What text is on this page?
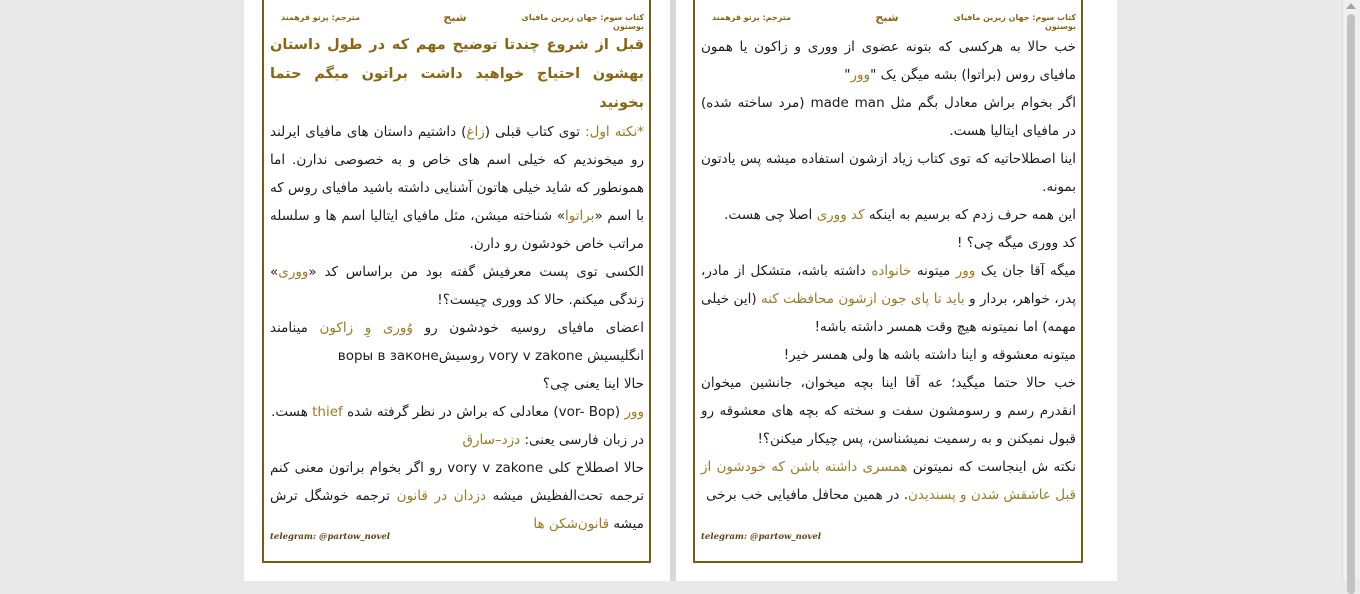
کتاب سوم: جهان زیرین مافیای بوستون
شبح
مترجم: پرتو فرهمند

قبل از شروع چندتا توضیح مهم که در طول داستان بهشون احتیاج خواهید داشت براتون میگم حتما بخونید

*نکته اول: توی کتاب قبلی (زاغ) داشتیم داستان های مافیای ایرلند رو میخوندیم که خیلی اسم های خاص و به خصوصی ندارن. اما همونطور که شاید خیلی هاتون آشنایی داشته باشید مافیای روس که با اسم «براتوا» شناخته میشن، مثل مافیای ایتالیا اسم ها و سلسله مراتب خاص خودشون رو دارن.

الکسی توی پست معرفیش گفته بود من براساس کد «ووری» زندگی میکنم. حالا کد ووری چیست؟!

اعضای مافیای روسیه خودشون رو وُوری وِ زاکون مینامند انگلیسیش vory v zakone روسیشворы в законе

حالا اینا یعنی چی؟

وور (vor- Bop) معادلی که براش در نظر گرفته شده thief هست.

در زبان فارسی یعنی: دزد–سارق

حالا اصطلاح کلی vory v zakone رو اگر بخوام براتون معنی کنم ترجمه تحت‌الفظیش میشه دزدان در قانون ترجمه خوشگل ترش میشه قانون‌شکن ها

telegram: @partow_novel
کتاب سوم: جهان زیرین مافیای بوستون
شبح
مترجم: پرتو فرهمند

خب حالا به هرکسی که بتونه عضوی از ووری و زاکون یا همون مافیای روس (براتوا) بشه میگن یک "وور"

اگر بخوام براش معادل بگم مثل made man (مرد ساخته شده) در مافیای ایتالیا هست.

اینا اصطلاحاتیه که توی کتاب زیاد ازشون استفاده میشه پس یادتون بمونه.

این همه حرف زدم که برسیم به اینکه کد ووری اصلا چی هست.

کد ووری میگه چی؟ !

میگه آقا جان یک وور میتونه خانواده داشته باشه، متشکل از مادر، پدر، خواهر، بردار و باید تا پای جون ازشون محافظت کنه (این خیلی مهمه) اما نمیتونه هیچ وقت همسر داشته باشه!

میتونه معشوقه و اینا داشته باشه ها ولی همسر خیر!

خب حالا حتما میگید؛ عه آقا اینا بچه میخوان، جانشین میخوان انقدرم رسم و رسومشون سفت و سخته که بچه های معشوقه رو قبول نمیکنن و به رسمیت نمیشناسن، پس چیکار میکنن؟!

نکته ش اینجاست که نمیتونن همسری داشته باشن که خودشون از قبل عاشقش شدن و پسندیدن. در همین محافل مافیایی خب برخی

telegram: @partow_novel
